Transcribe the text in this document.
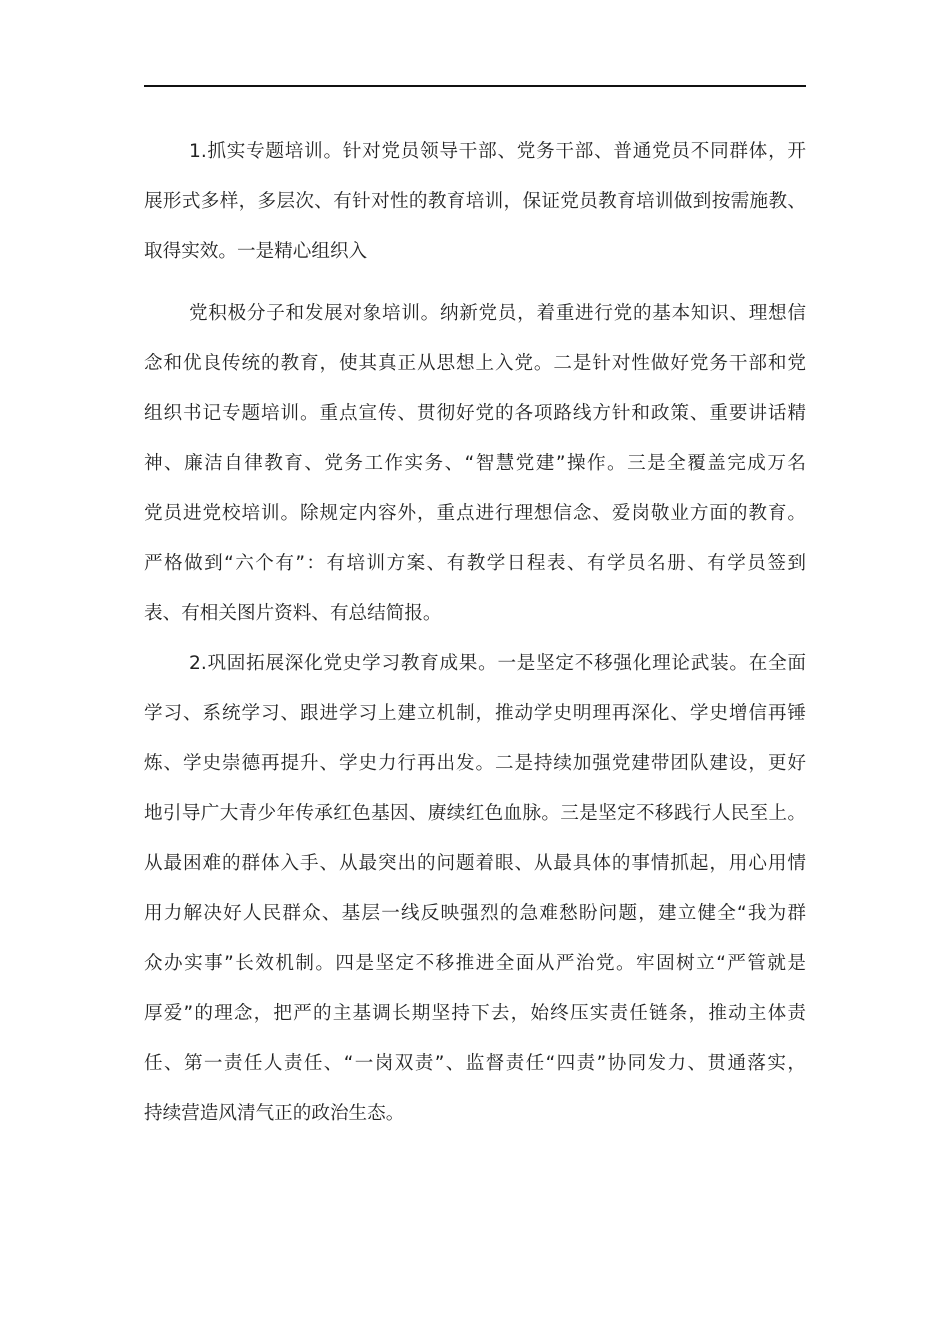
1.抓实专题培训。针对党员领导干部、党务干部、普通党员不同群体，开
展形式多样，多层次、有针对性的教育培训，保证党员教育培训做到按需施教、
取得实效。一是精心组织入
党积极分子和发展对象培训。纳新党员，着重进行党的基本知识、理想信
念和优良传统的教育，使其真正从思想上入党。二是针对性做好党务干部和党
组织书记专题培训。重点宣传、贯彻好党的各项路线方针和政策、重要讲话精
神、廉洁自律教育、党务工作实务、“智慧党建”操作。三是全覆盖完成万名
党员进党校培训。除规定内容外，重点进行理想信念、爱岗敬业方面的教育。
严格做到“六个有”：有培训方案、有教学日程表、有学员名册、有学员签到
表、有相关图片资料、有总结简报。
2.巩固拓展深化党史学习教育成果。一是坚定不移强化理论武装。在全面
学习、系统学习、跟进学习上建立机制，推动学史明理再深化、学史增信再锤
炼、学史崇德再提升、学史力行再出发。二是持续加强党建带团队建设，更好
地引导广大青少年传承红色基因、赓续红色血脉。三是坚定不移践行人民至上。
从最困难的群体入手、从最突出的问题着眼、从最具体的事情抓起，用心用情
用力解决好人民群众、基层一线反映强烈的急难愁盼问题，建立健全“我为群
众办实事”长效机制。四是坚定不移推进全面从严治党。牢固树立“严管就是
厚爱”的理念，把严的主基调长期坚持下去，始终压实责任链条，推动主体责
任、第一责任人责任、“一岗双责”、监督责任“四责”协同发力、贯通落实，
持续营造风清气正的政治生态。
